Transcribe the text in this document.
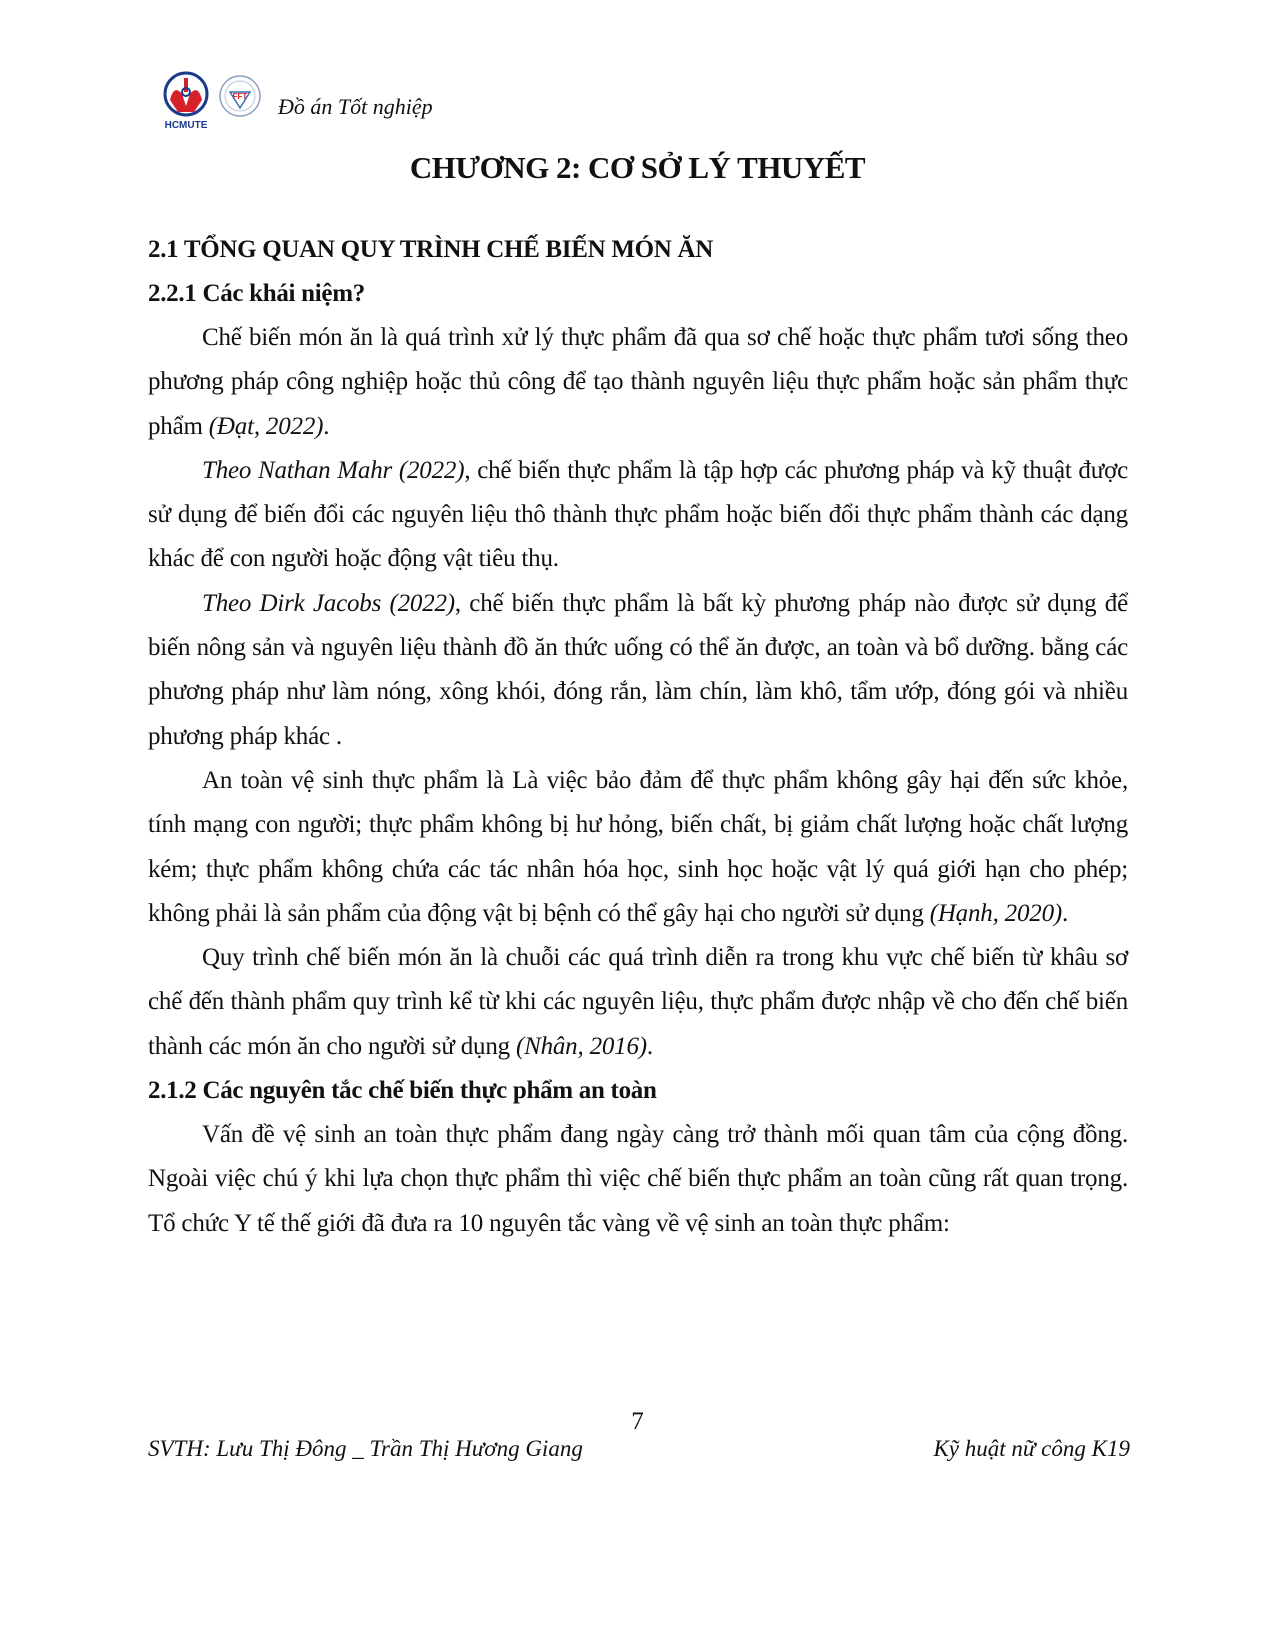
HCMUTE
FFT Đồ án Tốt nghiệp
CHƯƠNG 2: CƠ SỞ LÝ THUYẾT
2.1 TỔNG QUAN QUY TRÌNH CHẾ BIẾN MÓN ĂN
2.2.1 Các khái niệm?

Chế biến món ăn là quá trình xử lý thực phẩm đã qua sơ chế hoặc thực phẩm tươi sống theo phương pháp công nghiệp hoặc thủ công để tạo thành nguyên liệu thực phẩm hoặc sản phẩm thực phẩm (Đạt, 2022).

Theo Nathan Mahr (2022), chế biến thực phẩm là tập hợp các phương pháp và kỹ thuật được sử dụng để biến đổi các nguyên liệu thô thành thực phẩm hoặc biến đổi thực phẩm thành các dạng khác để con người hoặc động vật tiêu thụ.

Theo Dirk Jacobs (2022), chế biến thực phẩm là bất kỳ phương pháp nào được sử dụng để biến nông sản và nguyên liệu thành đồ ăn thức uống có thể ăn được, an toàn và bổ dưỡng. bằng các phương pháp như làm nóng, xông khói, đóng rắn, làm chín, làm khô, tẩm ướp, đóng gói và nhiều phương pháp khác .

An toàn vệ sinh thực phẩm là Là việc bảo đảm để thực phẩm không gây hại đến sức khỏe, tính mạng con người; thực phẩm không bị hư hỏng, biến chất, bị giảm chất lượng hoặc chất lượng kém; thực phẩm không chứa các tác nhân hóa học, sinh học hoặc vật lý quá giới hạn cho phép; không phải là sản phẩm của động vật bị bệnh có thể gây hại cho người sử dụng (Hạnh, 2020).

Quy trình chế biến món ăn là chuỗi các quá trình diễn ra trong khu vực chế biến từ khâu sơ chế đến thành phẩm quy trình kể từ khi các nguyên liệu, thực phẩm được nhập về cho đến chế biến thành các món ăn cho người sử dụng (Nhân, 2016).

2.1.2 Các nguyên tắc chế biến thực phẩm an toàn

Vấn đề vệ sinh an toàn thực phẩm đang ngày càng trở thành mối quan tâm của cộng đồng. Ngoài việc chú ý khi lựa chọn thực phẩm thì việc chế biến thực phẩm an toàn cũng rất quan trọng. Tổ chức Y tế thế giới đã đưa ra 10 nguyên tắc vàng về vệ sinh an toàn thực phẩm:

7
SVTH: Lưu Thị Đông _ Trần Thị Hương Giang	Kỹ huật nữ công K19
